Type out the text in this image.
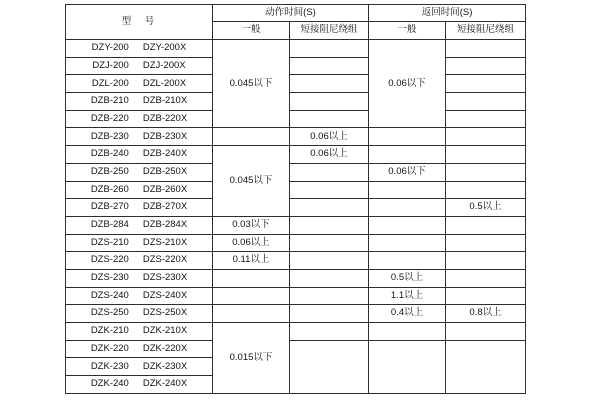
型　号	动作时间(S)		返回时间(S)	
	一般	短接阻尼绕组	一般	短接阻尼绕组
DZY-200 DZY-200X	0.045以下		0.06以下	
DZJ-200 DZJ-200X				
DZL-200 DZL-200X				
DZB-210 DZB-210X				
DZB-220 DZB-220X				
DZB-230 DZB-230X		0.06以上		
DZB-240 DZB-240X	0.045以下	0.06以上		
DZB-250 DZB-250X			0.06以下	
DZB-260 DZB-260X				
DZB-270 DZB-270X				0.5以上
DZB-284 DZB-284X	0.03以下			
DZS-210 DZS-210X	0.06以上			
DZS-220 DZS-220X	0.11以上			
DZS-230 DZS-230X			0.5以上	
DZS-240 DZS-240X			1.1以上	
DZS-250 DZS-250X			0.4以上	0.8以上
DZK-210 DZK-210X	0.015以下			
DZK-220 DZK-220X				
DZK-230 DZK-230X				
DZK-240 DZK-240X				
